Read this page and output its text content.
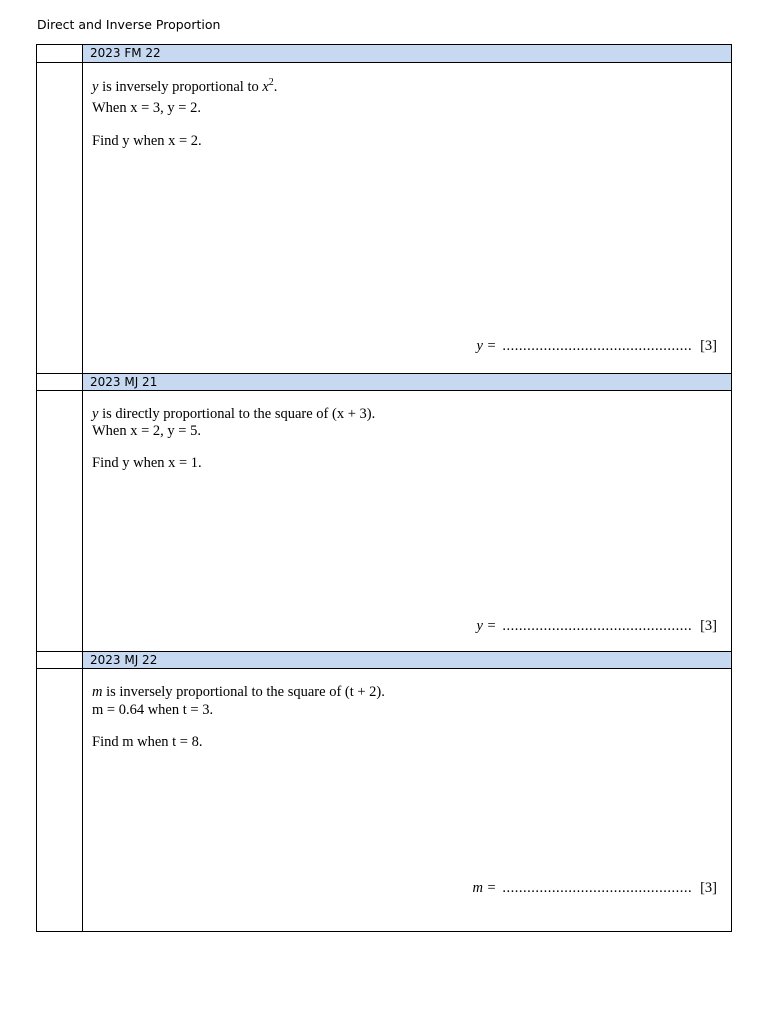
Direct and Inverse Proportion
2023 FM 22
y is inversely proportional to $x^2$.
When x = 3, y = 2.
Find y when x = 2.
y = .............................................. [3]
2023 MJ 21
y is directly proportional to the square of (x + 3).
When x = 2, y = 5.
Find y when x = 1.
y = .............................................. [3]
2023 MJ 22
m is inversely proportional to the square of (t + 2).
m = 0.64 when t = 3.
Find m when t = 8.
m = .............................................. [3]
